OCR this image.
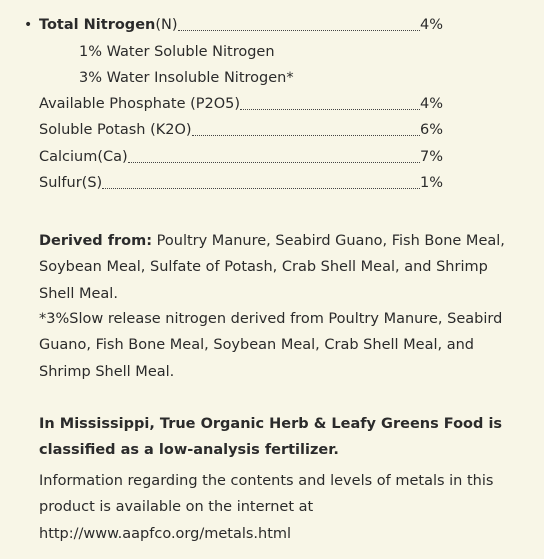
• Total Nitrogen (N)	4%
1% Water Soluble Nitrogen
3% Water Insoluble Nitrogen*
Available Phosphate (P2O5)	4%
Soluble Potash (K2O)	6%
Calcium(Ca)	7%
Sulfur(S)	1%
Derived from: Poultry Manure, Seabird Guano, Fish Bone Meal, Soybean Meal, Sulfate of Potash, Crab Shell Meal, and Shrimp Shell Meal.
*3%Slow release nitrogen derived from Poultry Manure, Seabird Guano, Fish Bone Meal, Soybean Meal, Crab Shell Meal, and Shrimp Shell Meal.
In Mississippi, True Organic Herb & Leafy Greens Food is classified as a low-analysis fertilizer.
Information regarding the contents and levels of metals in this product is available on the internet at http://www.aapfco.org/metals.html
